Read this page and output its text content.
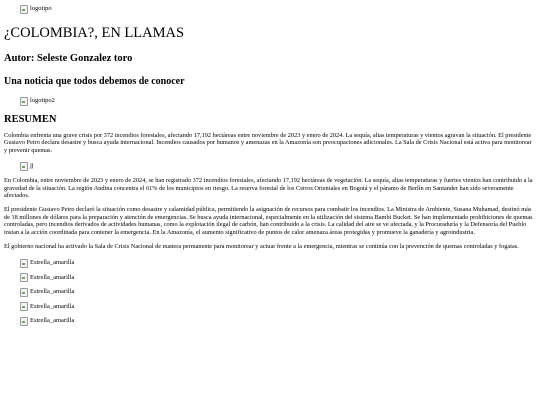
logotipo
¿COLOMBIA?, EN LLAMAS
Autor: Seleste Gonzalez toro
Una noticia que todos debemos de conocer
logotipo2
RESUMEN

Colombia enfrenta una grave crisis por 372 incendios forestales, afectando 17,192 hectáreas entre noviembre de 2023 y enero de 2024. La sequía, altas temperaturas y vientos agravan la situación. El presidente Gustavo Petro declara desastre y busca ayuda internacional. Incendios causados por humanos y amenazas en la Amazonía son preocupaciones adicionales. La Sala de Crisis Nacional está activa para monitorear y prevenir quemas.

jj

En Colombia, entre noviembre de 2023 y enero de 2024, se han registrado 372 incendios forestales, afectando 17,192 hectáreas de vegetación. La sequía, altas temperaturas y fuertes vientos han contribuido a la gravedad de la situación. La región Andina concentra el 61% de los municipios en riesgo. La reserva forestal de los Cerros Orientales en Bogotá y el páramo de Berlín en Santander han sido severamente afectados.

El presidente Gustavo Petro declaró la situación como desastre y calamidad pública, permitiendo la asignación de recursos para combatir los incendios. La Ministra de Ambiente, Susana Muhamad, destinó más de 18 millones de dólares para la preparación y atención de emergencias. Se busca ayuda internacional, especialmente en la utilización del sistema Bambi Bucket. Se han implementado prohibiciones de quemas controladas, pero incendios derivados de actividades humanas, como la explotación ilegal de carbón, han contribuido a la crisis. La calidad del aire se ve afectada, y la Procuraduría y la Defensoría del Pueblo instan a la acción coordinada para contener la emergencia. En la Amazonía, el aumento significativo de puntos de calor amenaza áreas protegidas y promueve la ganadería y agroindustria.

El gobierno nacional ha activado la Sala de Crisis Nacional de manera permanente para monitorear y actuar frente a la emergencia, mientras se continúa con la prevención de quemas controladas y fogatas.

Estrella_amarilla
Estrella_amarilla
Estrella_amarilla
Estrella_amarilla
Estrella_amarilla
